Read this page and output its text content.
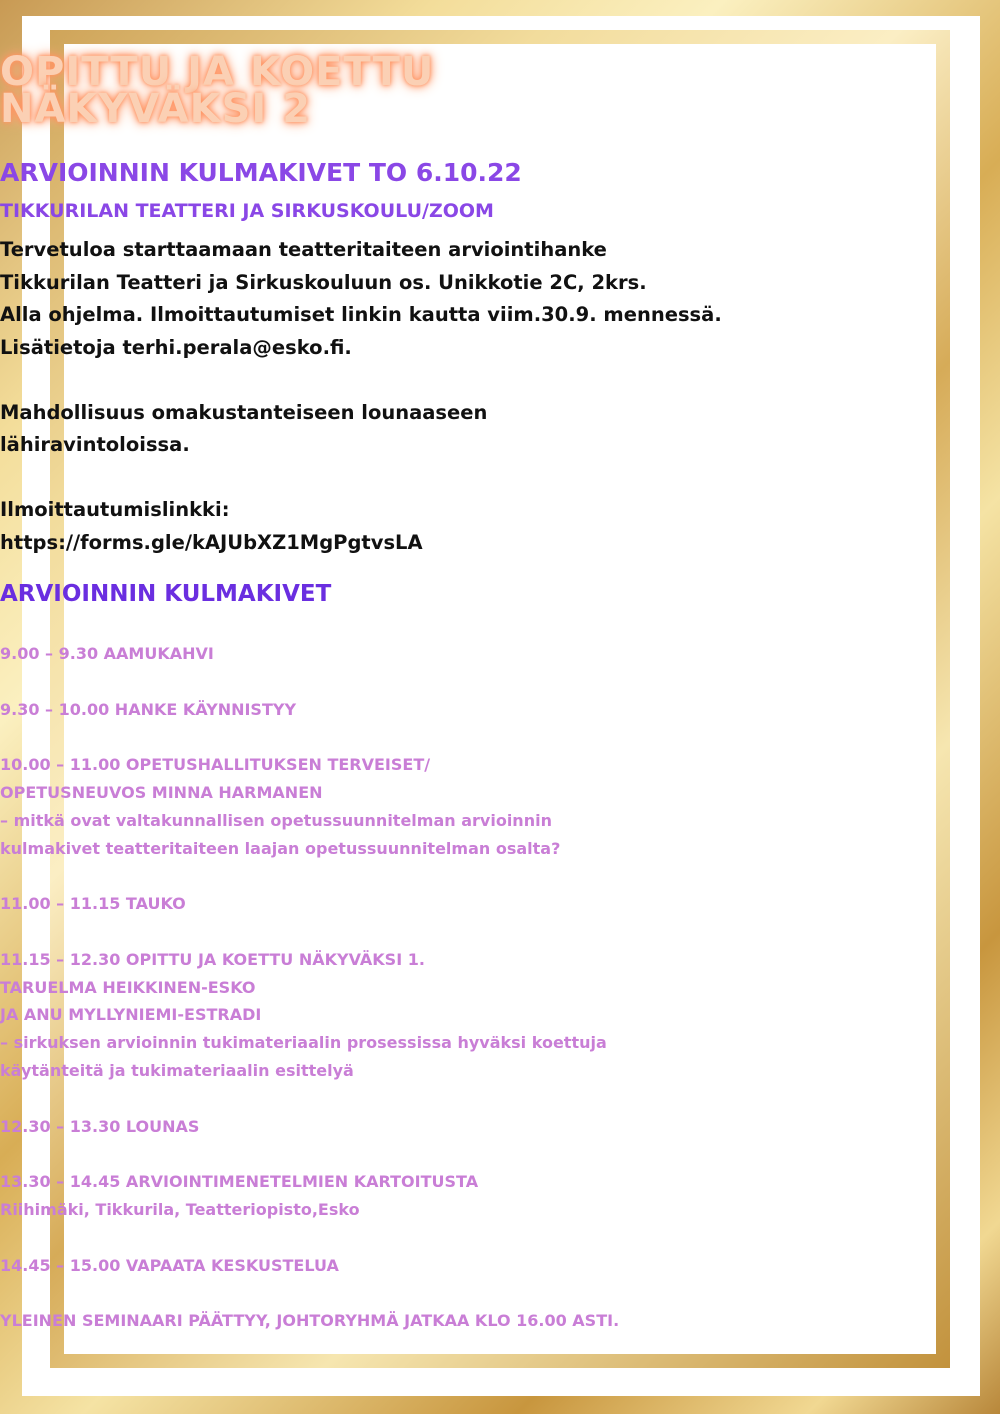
OPITTU JA KOETTU
NÄKYVÄKSI 2
ARVIOINNIN KULMAKIVET TO 6.10.22
TIKKURILAN TEATTERI JA SIRKUSKOULU/ZOOM
Tervetuloa starttaamaan teatteritaiteen arviointihanke
Tikkurilan Teatteri ja Sirkuskouluun os. Unikkotie 2C, 2krs.
Alla ohjelma. Ilmoittautumiset linkin kautta viim.30.9. mennessä.
Lisätietoja terhi.perala@esko.fi.
Mahdollisuus omakustanteiseen lounaaseen
lähiravintoloissa.
Ilmoittautumislinkki:
https://forms.gle/kAJUbXZ1MgPgtvsLA
ARVIOINNIN KULMAKIVET
9.00 – 9.30 AAMUKAHVI
9.30 – 10.00 HANKE KÄYNNISTYY
10.00 – 11.00 OPETUSHALLITUKSEN TERVEISET/
OPETUSNEUVOS MINNA HARMANEN
– mitkä ovat valtakunnallisen opetussuunnitelman arvioinnin
kulmakivet teatteritaiteen laajan opetussuunnitelman osalta?
11.00 – 11.15 TAUKO
11.15 – 12.30 OPITTU JA KOETTU NÄKYVÄKSI 1.
TARUELMA HEIKKINEN-ESKO
JA ANU MYLLYNIEMI-ESTRADI
– sirkuksen arvioinnin tukimateriaalin prosessissa hyväksi koettuja
käytänteitä ja tukimateriaalin esittelyä
12.30 – 13.30 LOUNAS
13.30 – 14.45 ARVIOINTIMENETELMIEN KARTOITUSTA
Riihimäki, Tikkurila, Teatteriopisto,Esko
14.45 – 15.00 VAPAATA KESKUSTELUA
YLEINEN SEMINAARI PÄÄTTYY, JOHTORYHMÄ JATKAA KLO 16.00 ASTI.
